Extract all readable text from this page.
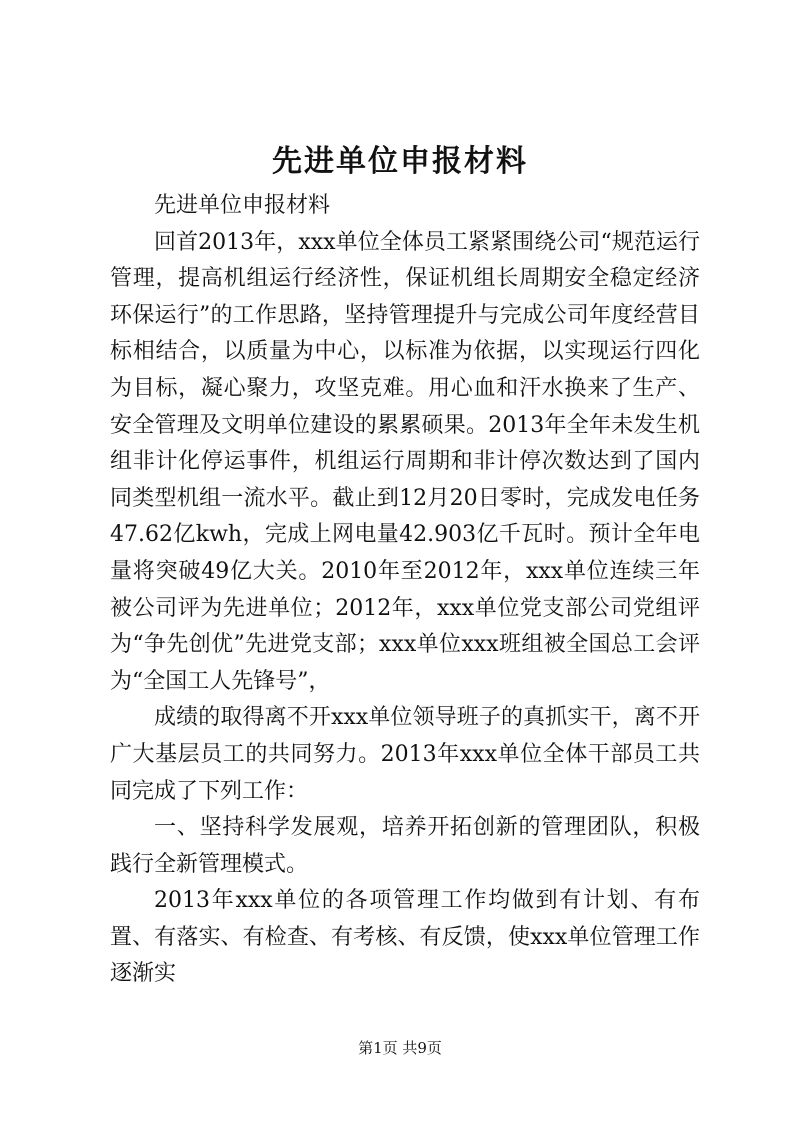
先进单位申报材料

先进单位申报材料

回首2013年，xxx单位全体员工紧紧围绕公司“规范运行管理，提高机组运行经济性，保证机组长周期安全稳定经济环保运行”的工作思路，坚持管理提升与完成公司年度经营目标相结合，以质量为中心，以标准为依据，以实现运行四化为目标，凝心聚力，攻坚克难。用心血和汗水换来了生产、安全管理及文明单位建设的累累硕果。2013年全年未发生机组非计化停运事件，机组运行周期和非计停次数达到了国内同类型机组一流水平。截止到12月20日零时，完成发电任务47.62亿kwh，完成上网电量42.903亿千瓦时。预计全年电量将突破49亿大关。2010年至2012年，xxx单位连续三年被公司评为先进单位；2012年，xxx单位党支部公司党组评为“争先创优”先进党支部；xxx单位xxx班组被全国总工会评为“全国工人先锋号”，

成绩的取得离不开xxx单位领导班子的真抓实干，离不开广大基层员工的共同努力。2013年xxx单位全体干部员工共同完成了下列工作：

一、坚持科学发展观，培养开拓创新的管理团队，积极践行全新管理模式。

2013年xxx单位的各项管理工作均做到有计划、有布置、有落实、有检查、有考核、有反馈，使xxx单位管理工作逐渐实

第1页 共9页
